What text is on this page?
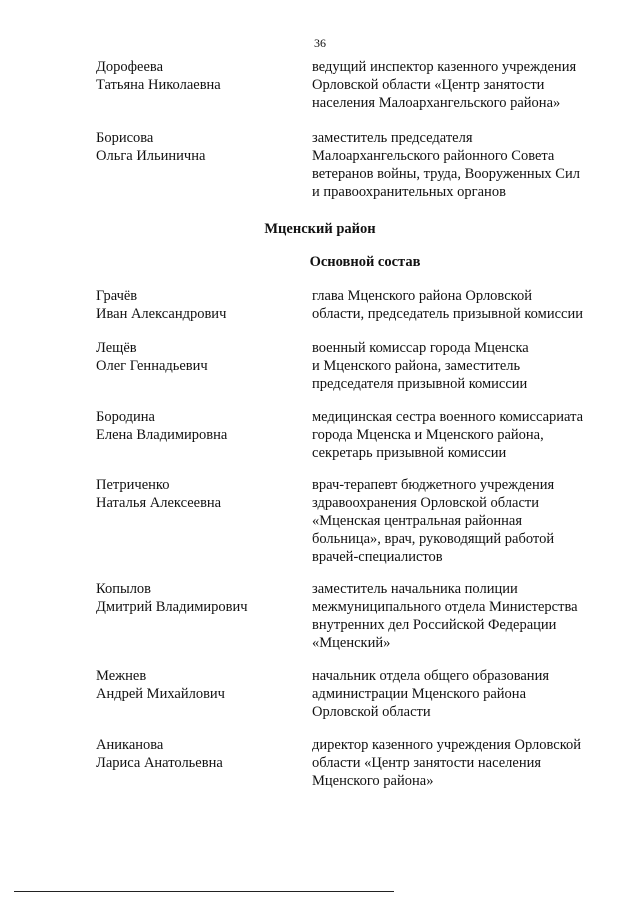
36
Дорофеева
Татьяна Николаевна
ведущий инспектор казенного учреждения
Орловской области «Центр занятости
населения Малоархангельского района»
Борисова
Ольга Ильинична
заместитель председателя
Малоархангельского районного Совета
ветеранов войны, труда, Вооруженных Сил
и правоохранительных органов
Мценский район
Основной состав
Грачёв
Иван Александрович
глава Мценского района Орловской
области, председатель призывной комиссии
Лещёв
Олег Геннадьевич
военный комиссар города Мценска
и Мценского района, заместитель
председателя призывной комиссии
Бородина
Елена Владимировна
медицинская сестра военного комиссариата
города Мценска и Мценского района,
секретарь призывной комиссии
Петриченко
Наталья Алексеевна
врач-терапевт бюджетного учреждения
здравоохранения Орловской области
«Мценская центральная районная
больница», врач, руководящий работой
врачей-специалистов
Копылов
Дмитрий Владимирович
заместитель начальника полиции
межмуниципального отдела Министерства
внутренних дел Российской Федерации
«Мценский»
Межнев
Андрей Михайлович
начальник отдела общего образования
администрации Мценского района
Орловской области
Аниканова
Лариса Анатольевна
директор казенного учреждения Орловской
области «Центр занятости населения
Мценского района»
